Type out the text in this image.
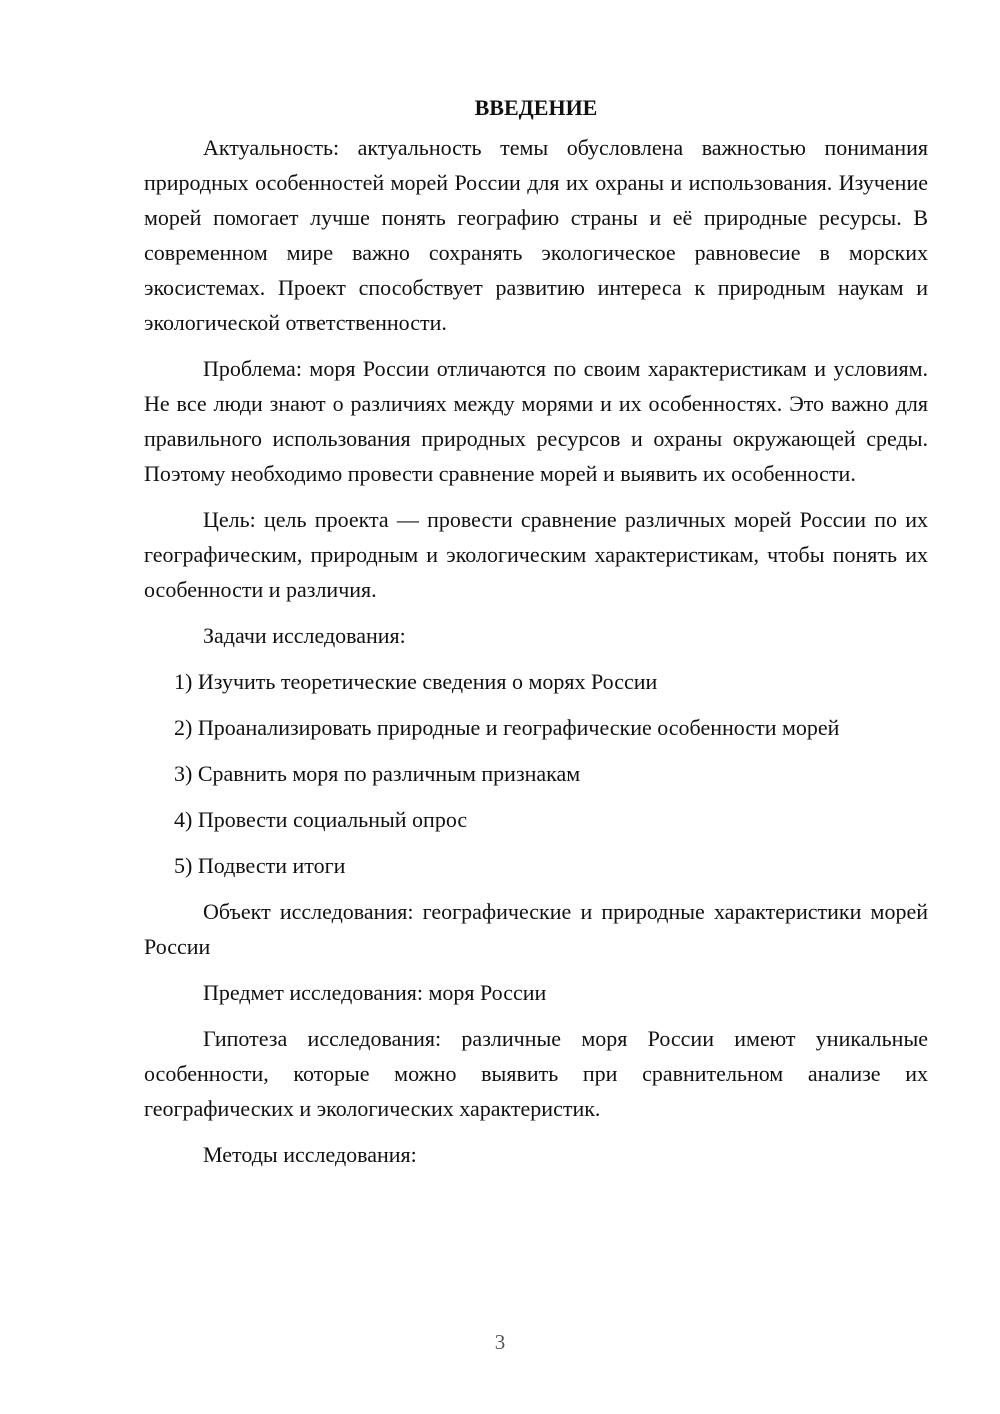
ВВЕДЕНИЕ

Актуальность: актуальность темы обусловлена важностью понимания природных особенностей морей России для их охраны и использования. Изучение морей помогает лучше понять географию страны и её природные ресурсы. В современном мире важно сохранять экологическое равновесие в морских экосистемах. Проект способствует развитию интереса к природным наукам и экологической ответственности.

Проблема: моря России отличаются по своим характеристикам и условиям. Не все люди знают о различиях между морями и их особенностях. Это важно для правильного использования природных ресурсов и охраны окружающей среды. Поэтому необходимо провести сравнение морей и выявить их особенности.

Цель: цель проекта — провести сравнение различных морей России по их географическим, природным и экологическим характеристикам, чтобы понять их особенности и различия.

Задачи исследования:

1) Изучить теоретические сведения о морях России

2) Проанализировать природные и географические особенности морей

3) Сравнить моря по различным признакам

4) Провести социальный опрос

5) Подвести итоги

Объект исследования: географические и природные характеристики морей России

Предмет исследования: моря России

Гипотеза исследования: различные моря России имеют уникальные особенности, которые можно выявить при сравнительном анализе их географических и экологических характеристик.

Методы исследования:

3
